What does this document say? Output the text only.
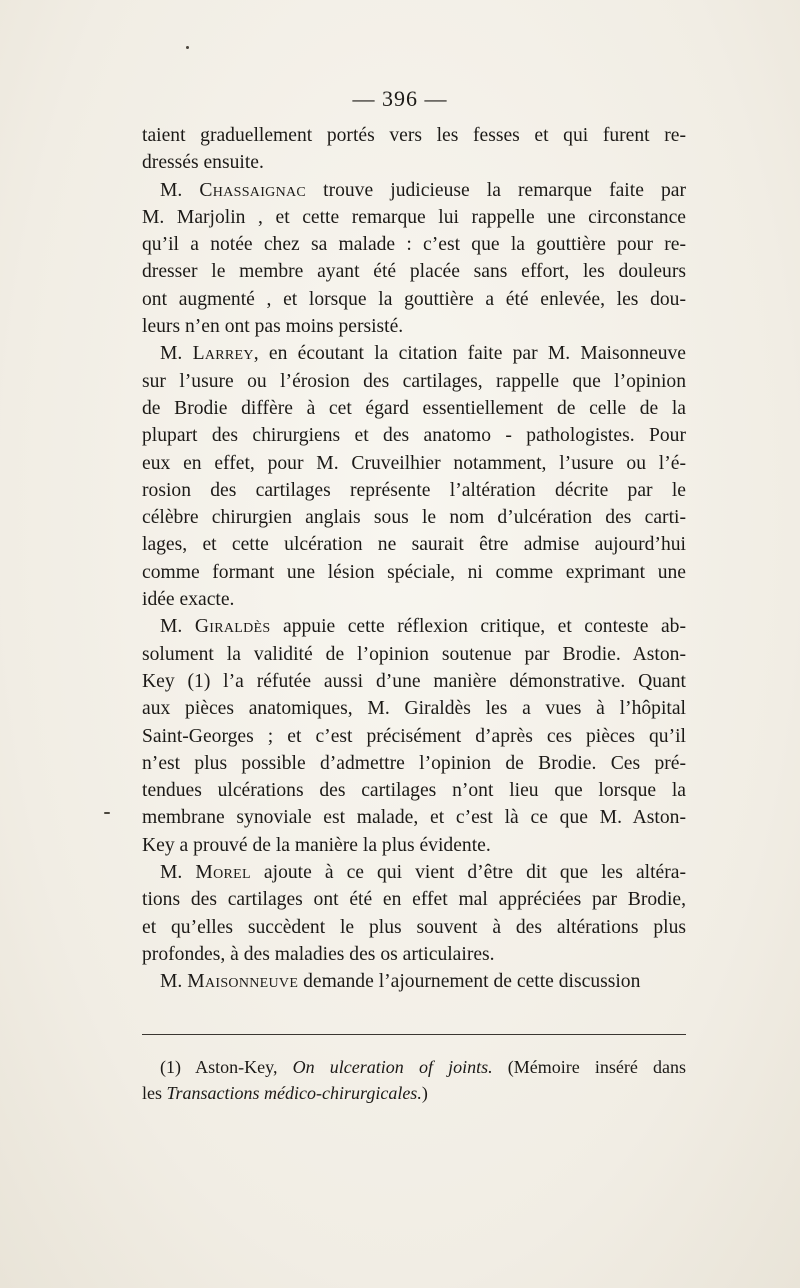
— 396 —
taient graduellement portés vers les fesses et qui furent re-
dressés ensuite.
M. Chassaignac trouve judicieuse la remarque faite par
M. Marjolin , et cette remarque lui rappelle une circonstance
qu’il a notée chez sa malade : c’est que la gouttière pour re-
dresser le membre ayant été placée sans effort, les douleurs
ont augmenté , et lorsque la gouttière a été enlevée, les dou-
leurs n’en ont pas moins persisté.
M. Larrey, en écoutant la citation faite par M. Maisonneuve
sur l’usure ou l’érosion des cartilages, rappelle que l’opinion
de Brodie diffère à cet égard essentiellement de celle de la
plupart des chirurgiens et des anatomo - pathologistes. Pour
eux en effet, pour M. Cruveilhier notamment, l’usure ou l’é-
rosion des cartilages représente l’altération décrite par le
célèbre chirurgien anglais sous le nom d’ulcération des carti-
lages, et cette ulcération ne saurait être admise aujourd’hui
comme formant une lésion spéciale, ni comme exprimant une
idée exacte.
M. Giraldès appuie cette réflexion critique, et conteste ab-
solument la validité de l’opinion soutenue par Brodie. Aston-
Key (1) l’a réfutée aussi d’une manière démonstrative. Quant
aux pièces anatomiques, M. Giraldès les a vues à l’hôpital
Saint-Georges ; et c’est précisément d’après ces pièces qu’il
n’est plus possible d’admettre l’opinion de Brodie. Ces pré-
tendues ulcérations des cartilages n’ont lieu que lorsque la
membrane synoviale est malade, et c’est là ce que M. Aston-
Key a prouvé de la manière la plus évidente.
M. Morel ajoute à ce qui vient d’être dit que les altéra-
tions des cartilages ont été en effet mal appréciées par Brodie,
et qu’elles succèdent le plus souvent à des altérations plus
profondes, à des maladies des os articulaires.
M. Maisonneuve demande l’ajournement de cette discussion
(1) Aston-Key, On ulceration of joints. (Mémoire inséré dans
les Transactions médico-chirurgicales.)
